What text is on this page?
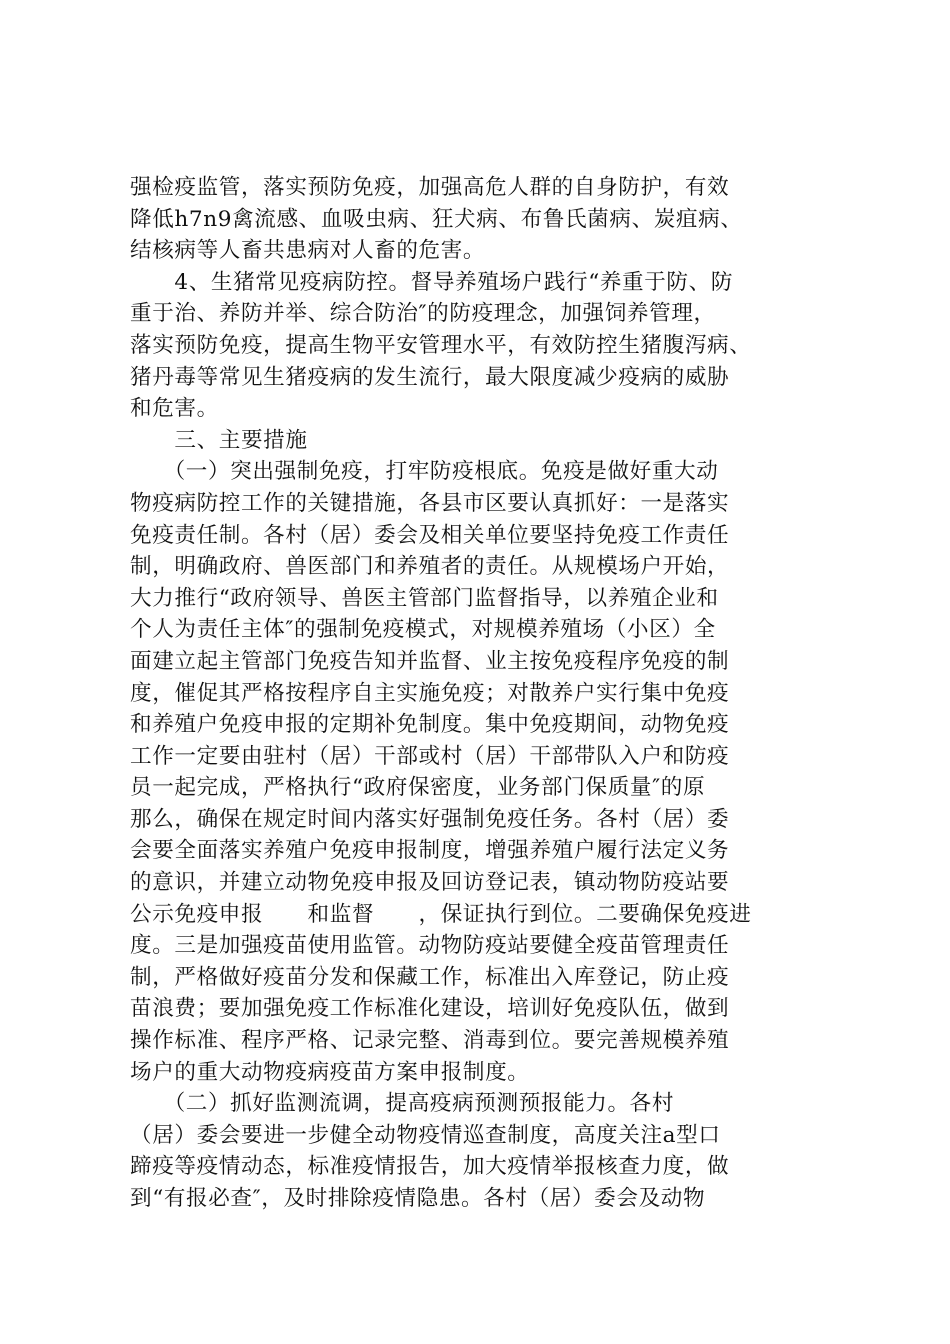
强检疫监管，落实预防免疫，加强高危人群的自身防护，有效
降低h7n9禽流感、血吸虫病、狂犬病、布鲁氏菌病、炭疽病、
结核病等人畜共患病对人畜的危害。
　　4、生猪常见疫病防控。督导养殖场户践行“养重于防、防
重于治、养防并举、综合防治″的防疫理念，加强饲养管理，
落实预防免疫，提高生物平安管理水平，有效防控生猪腹泻病、
猪丹毒等常见生猪疫病的发生流行，最大限度减少疫病的威胁
和危害。
　　三、主要措施
　　（一）突出强制免疫，打牢防疫根底。免疫是做好重大动
物疫病防控工作的关键措施，各县市区要认真抓好：一是落实
免疫责任制。各村（居）委会及相关单位要坚持免疫工作责任
制，明确政府、兽医部门和养殖者的责任。从规模场户开始，
大力推行“政府领导、兽医主管部门监督指导，以养殖企业和
个人为责任主体″的强制免疫模式，对规模养殖场（小区）全
面建立起主管部门免疫告知并监督、业主按免疫程序免疫的制
度，催促其严格按程序自主实施免疫；对散养户实行集中免疫
和养殖户免疫申报的定期补免制度。集中免疫期间，动物免疫
工作一定要由驻村（居）干部或村（居）干部带队入户和防疫
员一起完成，严格执行“政府保密度，业务部门保质量″的原
那么，确保在规定时间内落实好强制免疫任务。各村（居）委
会要全面落实养殖户免疫申报制度，增强养殖户履行法定义务
的意识，并建立动物免疫申报及回访登记表，镇动物防疫站要
公示免疫申报　　和监督　　，保证执行到位。二要确保免疫进
度。三是加强疫苗使用监管。动物防疫站要健全疫苗管理责任
制，严格做好疫苗分发和保藏工作，标准出入库登记，防止疫
苗浪费；要加强免疫工作标准化建设，培训好免疫队伍，做到
操作标准、程序严格、记录完整、消毒到位。要完善规模养殖
场户的重大动物疫病疫苗方案申报制度。
　　（二）抓好监测流调，提高疫病预测预报能力。各村
（居）委会要进一步健全动物疫情巡查制度，高度关注a型口
蹄疫等疫情动态，标准疫情报告，加大疫情举报核查力度，做
到“有报必查″，及时排除疫情隐患。各村（居）委会及动物
